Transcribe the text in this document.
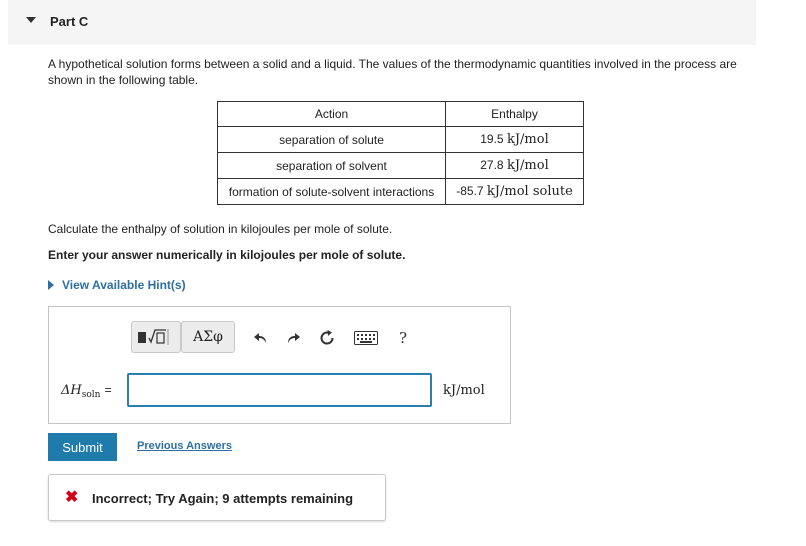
Part C
A hypothetical solution forms between a solid and a liquid. The values of the thermodynamic quantities involved in the process are shown in the following table.
Action	Enthalpy
separation of solute	19.5 kJ/mol
separation of solvent	27.8 kJ/mol
formation of solute-solvent interactions	-85.7 kJ/mol solute
Calculate the enthalpy of solution in kilojoules per mole of solute.
Enter your answer numerically in kilojoules per mole of solute.
View Available Hint(s)
ΑΣφ	?
$\Delta H_{soln}$ =	kJ/mol
Submit	Previous Answers
✖ Incorrect; Try Again; 9 attempts remaining
